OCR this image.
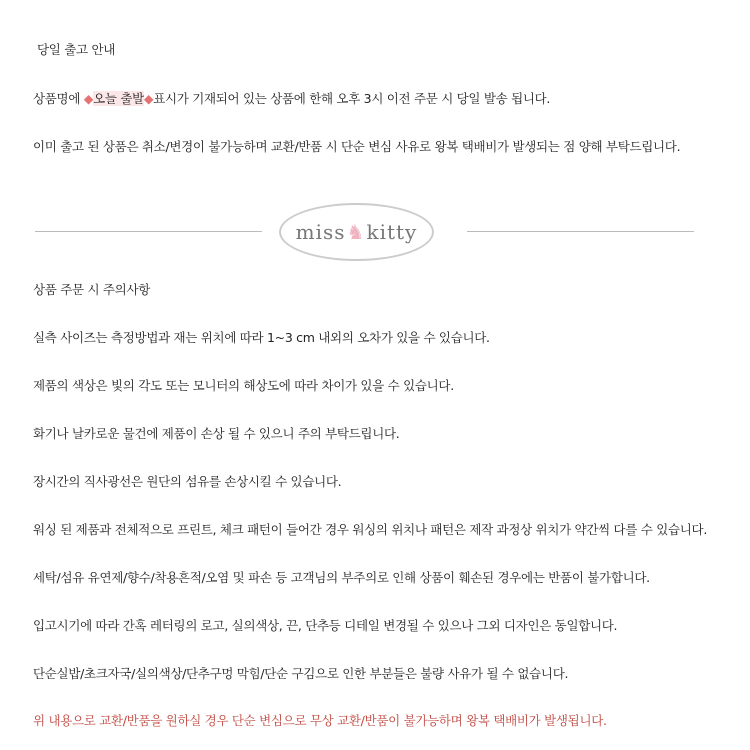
당일 출고 안내
상품명에 ◆오늘 출발◆표시가 기재되어 있는 상품에 한해 오후 3시 이전 주문 시 당일 발송 됩니다.
이미 출고 된 상품은 취소/변경이 불가능하며 교환/반품 시 단순 변심 사유로 왕복 택배비가 발생되는 점 양해 부탁드립니다.
miss ♞ kitty
상품 주문 시 주의사항
실측 사이즈는 측정방법과 재는 위치에 따라 1~3 cm 내외의 오차가 있을 수 있습니다.
제품의 색상은 빛의 각도 또는 모니터의 해상도에 따라 차이가 있을 수 있습니다.
화기나 날카로운 물건에 제품이 손상 될 수 있으니 주의 부탁드립니다.
장시간의 직사광선은 원단의 섬유를 손상시킬 수 있습니다.
워싱 된 제품과 전체적으로 프린트, 체크 패턴이 들어간 경우 워싱의 위치나 패턴은 제작 과정상 위치가 약간씩 다를 수 있습니다.
세탁/섬유 유연제/향수/착용흔적/오염 및 파손 등 고객님의 부주의로 인해 상품이 훼손된 경우에는 반품이 불가합니다.
입고시기에 따라 간혹 레터링의 로고, 실의색상, 끈, 단추등 디테일 변경될 수 있으나 그외 디자인은 동일합니다.
단순실밥/초크자국/실의색상/단추구멍 막힘/단순 구김으로 인한 부분들은 불량 사유가 될 수 없습니다.
위 내용으로 교환/반품을 원하실 경우 단순 변심으로 무상 교환/반품이 불가능하며 왕복 택배비가 발생됩니다.
